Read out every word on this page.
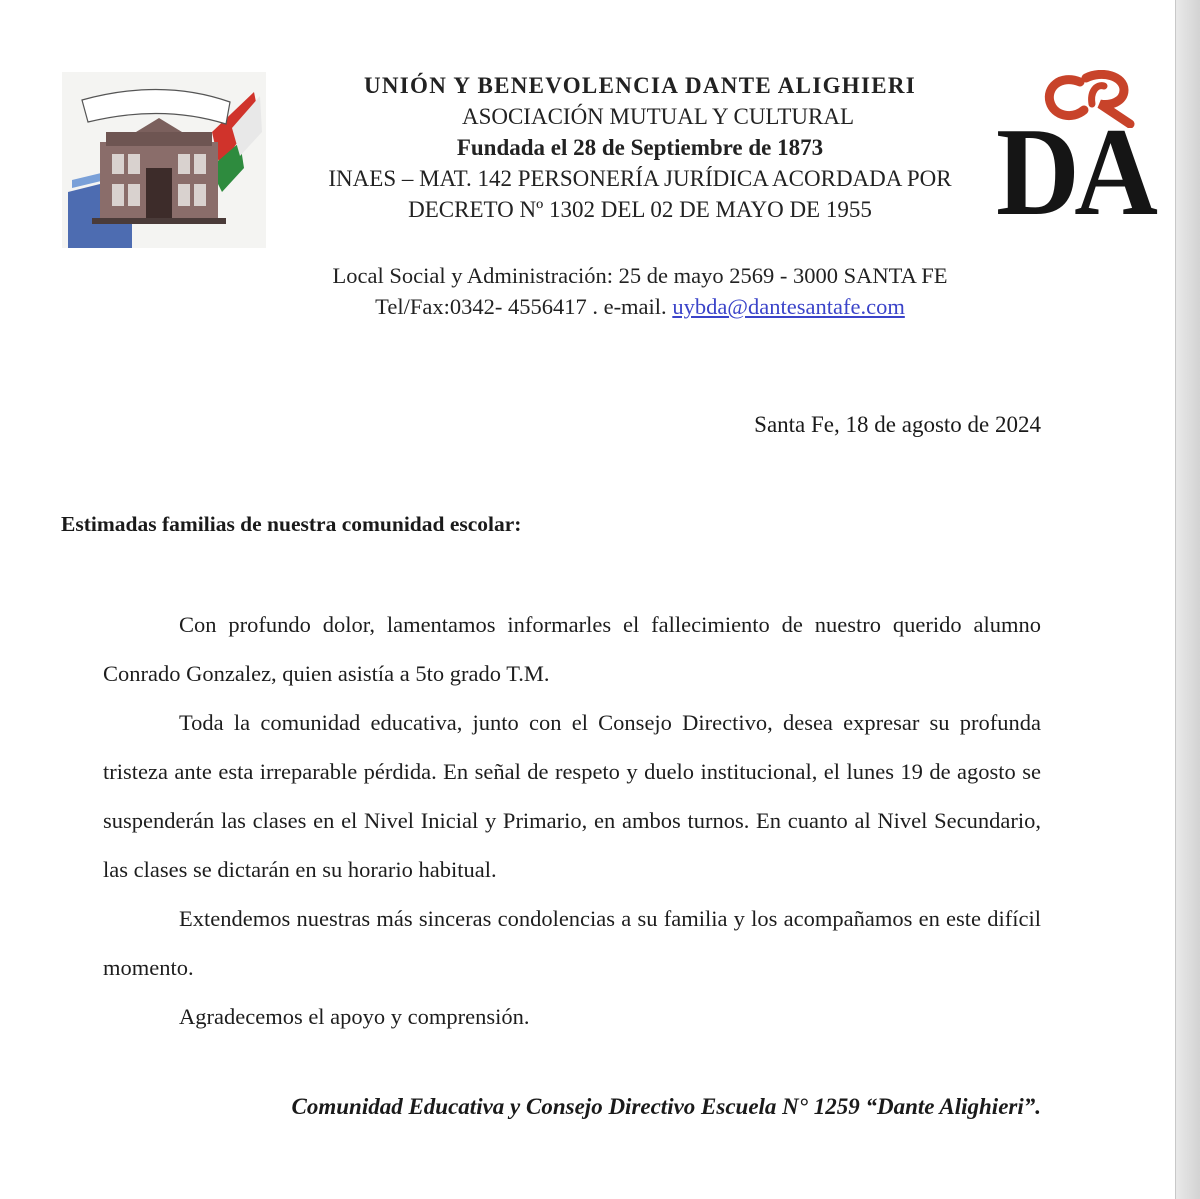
DA
UNIÓN Y BENEVOLENCIA DANTE ALIGHIERI
ASOCIACIÓN MUTUAL Y CULTURAL
Fundada el 28 de Septiembre de 1873
INAES – MAT. 142 PERSONERÍA JURÍDICA ACORDADA POR
DECRETO Nº 1302 DEL 02 DE MAYO DE 1955
Local Social y Administración: 25 de mayo 2569 - 3000 SANTA FE
Tel/Fax:0342- 4556417 . e-mail. uybda@dantesantafe.com
Santa Fe, 18 de agosto de 2024
Estimadas familias de nuestra comunidad escolar:

Con profundo dolor, lamentamos informarles el fallecimiento de nuestro querido alumno Conrado Gonzalez, quien asistía a 5to grado T.M.

Toda la comunidad educativa, junto con el Consejo Directivo, desea expresar su profunda tristeza ante esta irreparable pérdida. En señal de respeto y duelo institucional, el lunes 19 de agosto se suspenderán las clases en el Nivel Inicial y Primario, en ambos turnos. En cuanto al Nivel Secundario, las clases se dictarán en su horario habitual.

Extendemos nuestras más sinceras condolencias a su familia y los acompañamos en este difícil momento.

Agradecemos el apoyo y comprensión.

Comunidad Educativa y Consejo Directivo Escuela N° 1259 “Dante Alighieri”.
